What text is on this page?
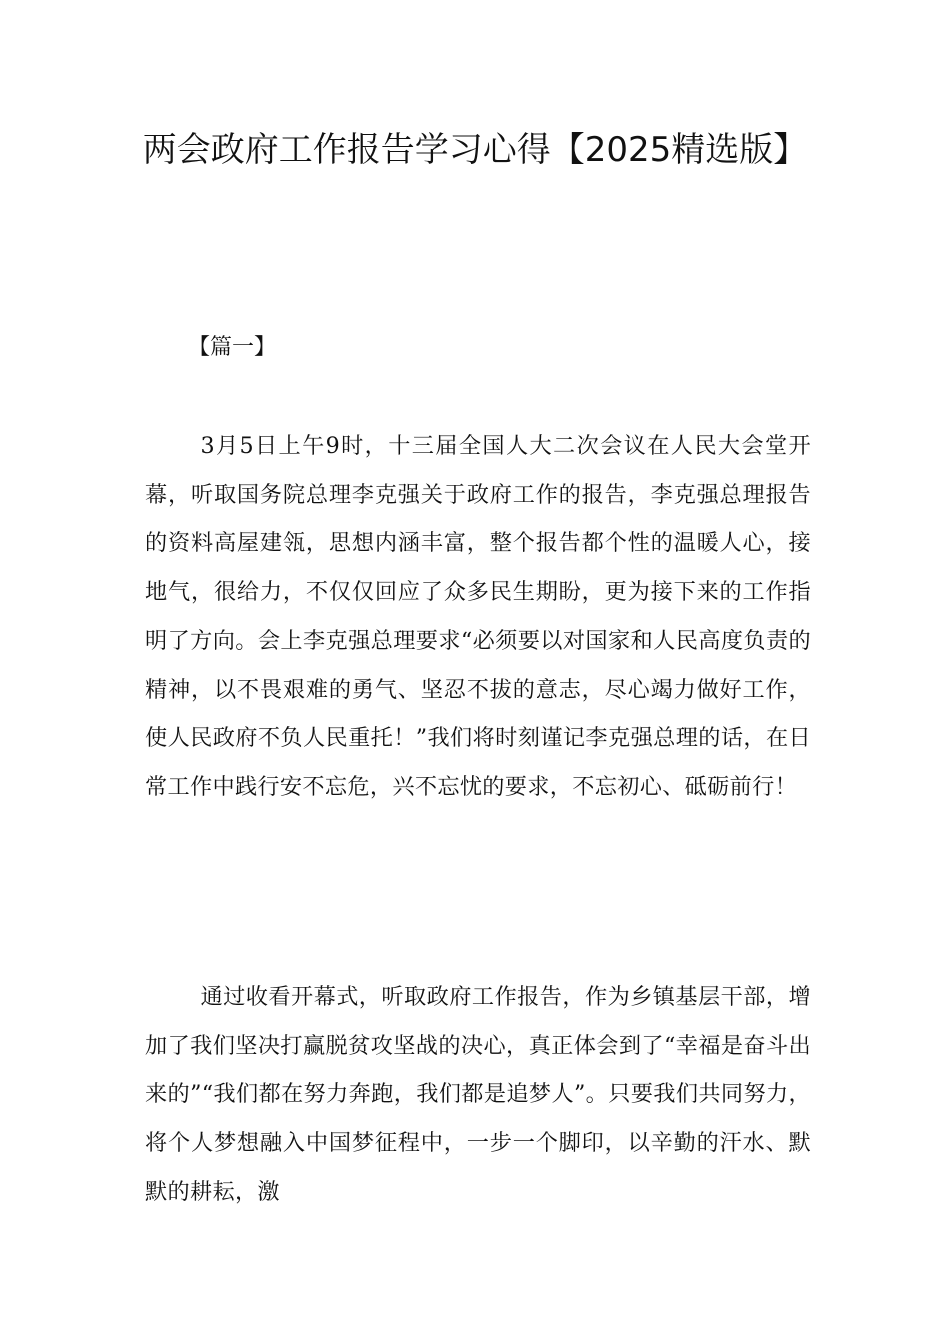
两会政府工作报告学习心得【2025精选版】

【篇一】

3月5日上午9时，十三届全国人大二次会议在人民大会堂开幕，听取国务院总理李克强关于政府工作的报告，李克强总理报告的资料高屋建瓴，思想内涵丰富，整个报告都个性的温暖人心，接地气，很给力，不仅仅回应了众多民生期盼，更为接下来的工作指明了方向。会上李克强总理要求“必须要以对国家和人民高度负责的精神，以不畏艰难的勇气、坚忍不拔的意志，尽心竭力做好工作，使人民政府不负人民重托！”我们将时刻谨记李克强总理的话，在日常工作中践行安不忘危，兴不忘忧的要求，不忘初心、砥砺前行！

通过收看开幕式，听取政府工作报告，作为乡镇基层干部，增加了我们坚决打赢脱贫攻坚战的决心，真正体会到了“幸福是奋斗出来的”“我们都在努力奔跑，我们都是追梦人”。只要我们共同努力，将个人梦想融入中国梦征程中，一步一个脚印，以辛勤的汗水、默默的耕耘，激
